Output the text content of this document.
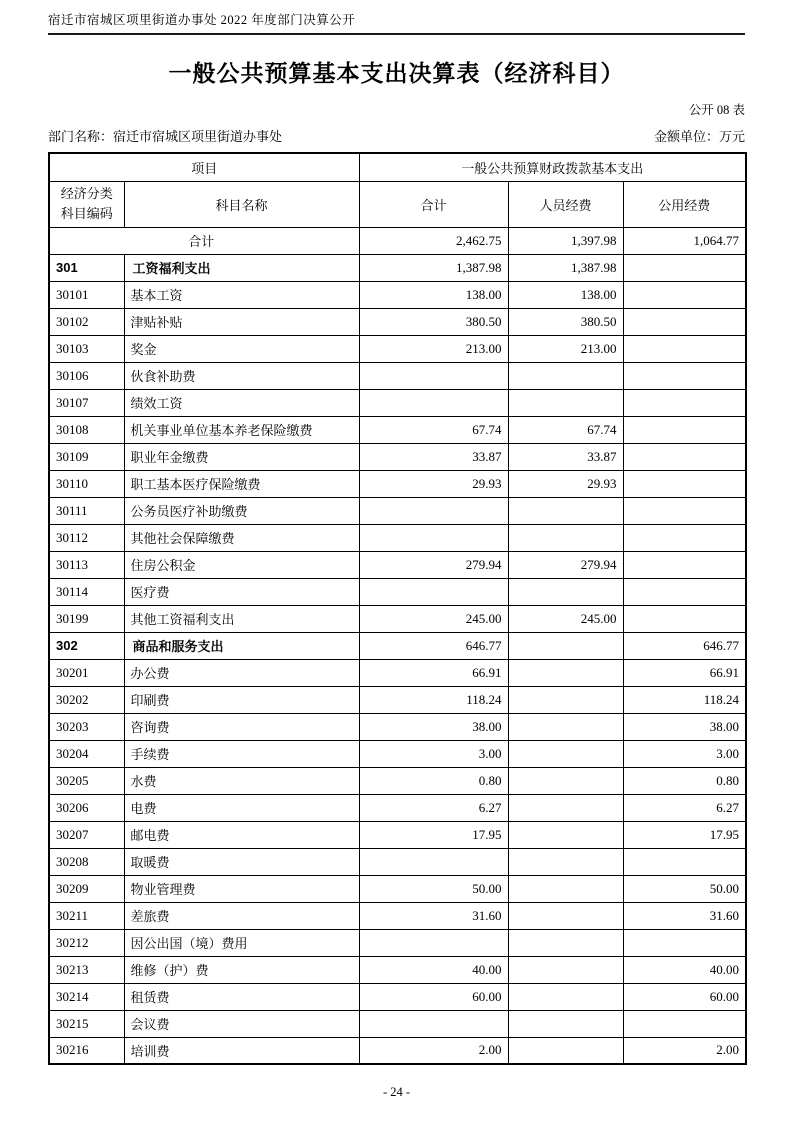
宿迁市宿城区项里街道办事处 2022 年度部门决算公开
一般公共预算基本支出决算表（经济科目）
公开 08 表
部门名称：宿迁市宿城区项里街道办事处	金额单位：万元
项目		一般公共预算财政拨款基本支出		

经济分类
科目编码	科目名称	合计	人员经费	公用经费
合计		2,462.75	1,397.98	1,064.77
301	工资福利支出	1,387.98	1,387.98	
30101	基本工资	138.00	138.00	
30102	津贴补贴	380.50	380.50	
30103	奖金	213.00	213.00	
30106	伙食补助费			
30107	绩效工资			
30108	机关事业单位基本养老保险缴费	67.74	67.74	
30109	职业年金缴费	33.87	33.87	
30110	职工基本医疗保险缴费	29.93	29.93	
30111	公务员医疗补助缴费			
30112	其他社会保障缴费			
30113	住房公积金	279.94	279.94	
30114	医疗费			
30199	其他工资福利支出	245.00	245.00	
302	商品和服务支出	646.77		646.77
30201	办公费	66.91		66.91
30202	印刷费	118.24		118.24
30203	咨询费	38.00		38.00
30204	手续费	3.00		3.00
30205	水费	0.80		0.80
30206	电费	6.27		6.27
30207	邮电费	17.95		17.95
30208	取暖费			
30209	物业管理费	50.00		50.00
30211	差旅费	31.60		31.60
30212	因公出国（境）费用			
30213	维修（护）费	40.00		40.00
30214	租赁费	60.00		60.00
30215	会议费			
30216	培训费	2.00		2.00
- 24 -
